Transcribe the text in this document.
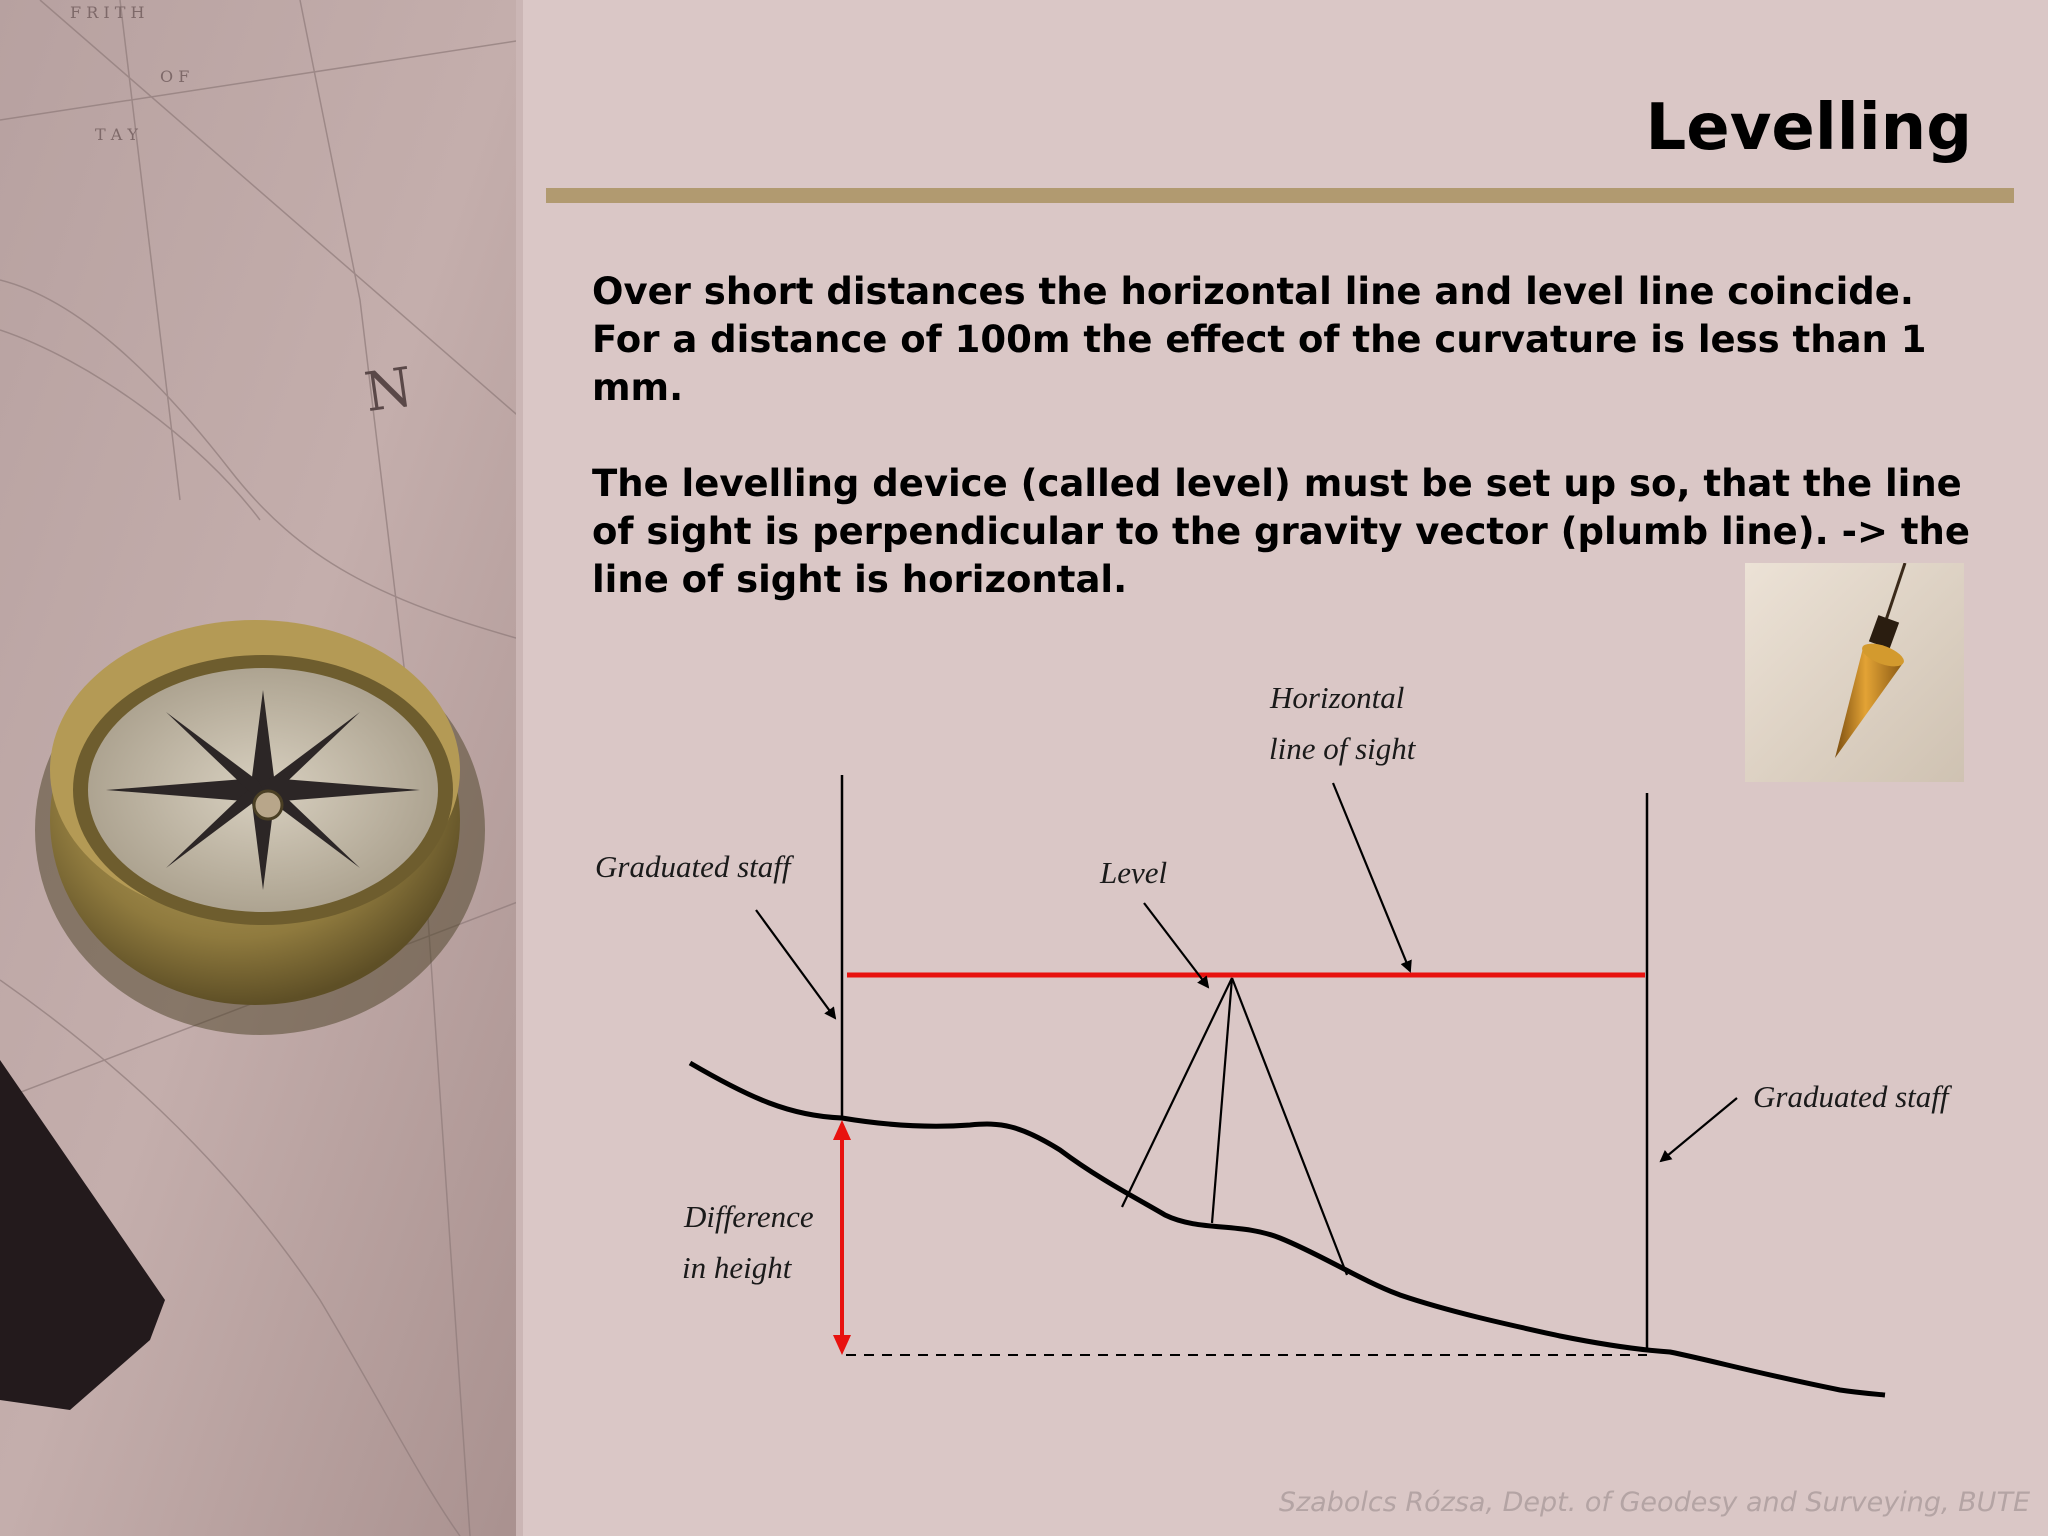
F R I T H
O F
T A Y
N
Levelling

Over short distances the horizontal line and level line coincide. For a distance of 100m the effect of the curvature is less than 1 mm.

The levelling device (called level) must be set up so, that the line of sight is perpendicular to the gravity vector (plumb line). -> the line of sight is horizontal.

Horizontal
line of sight
Level
Graduated staff
Graduated staff
Difference
in height

Szabolcs Rózsa, Dept. of Geodesy and Surveying, BUTE
